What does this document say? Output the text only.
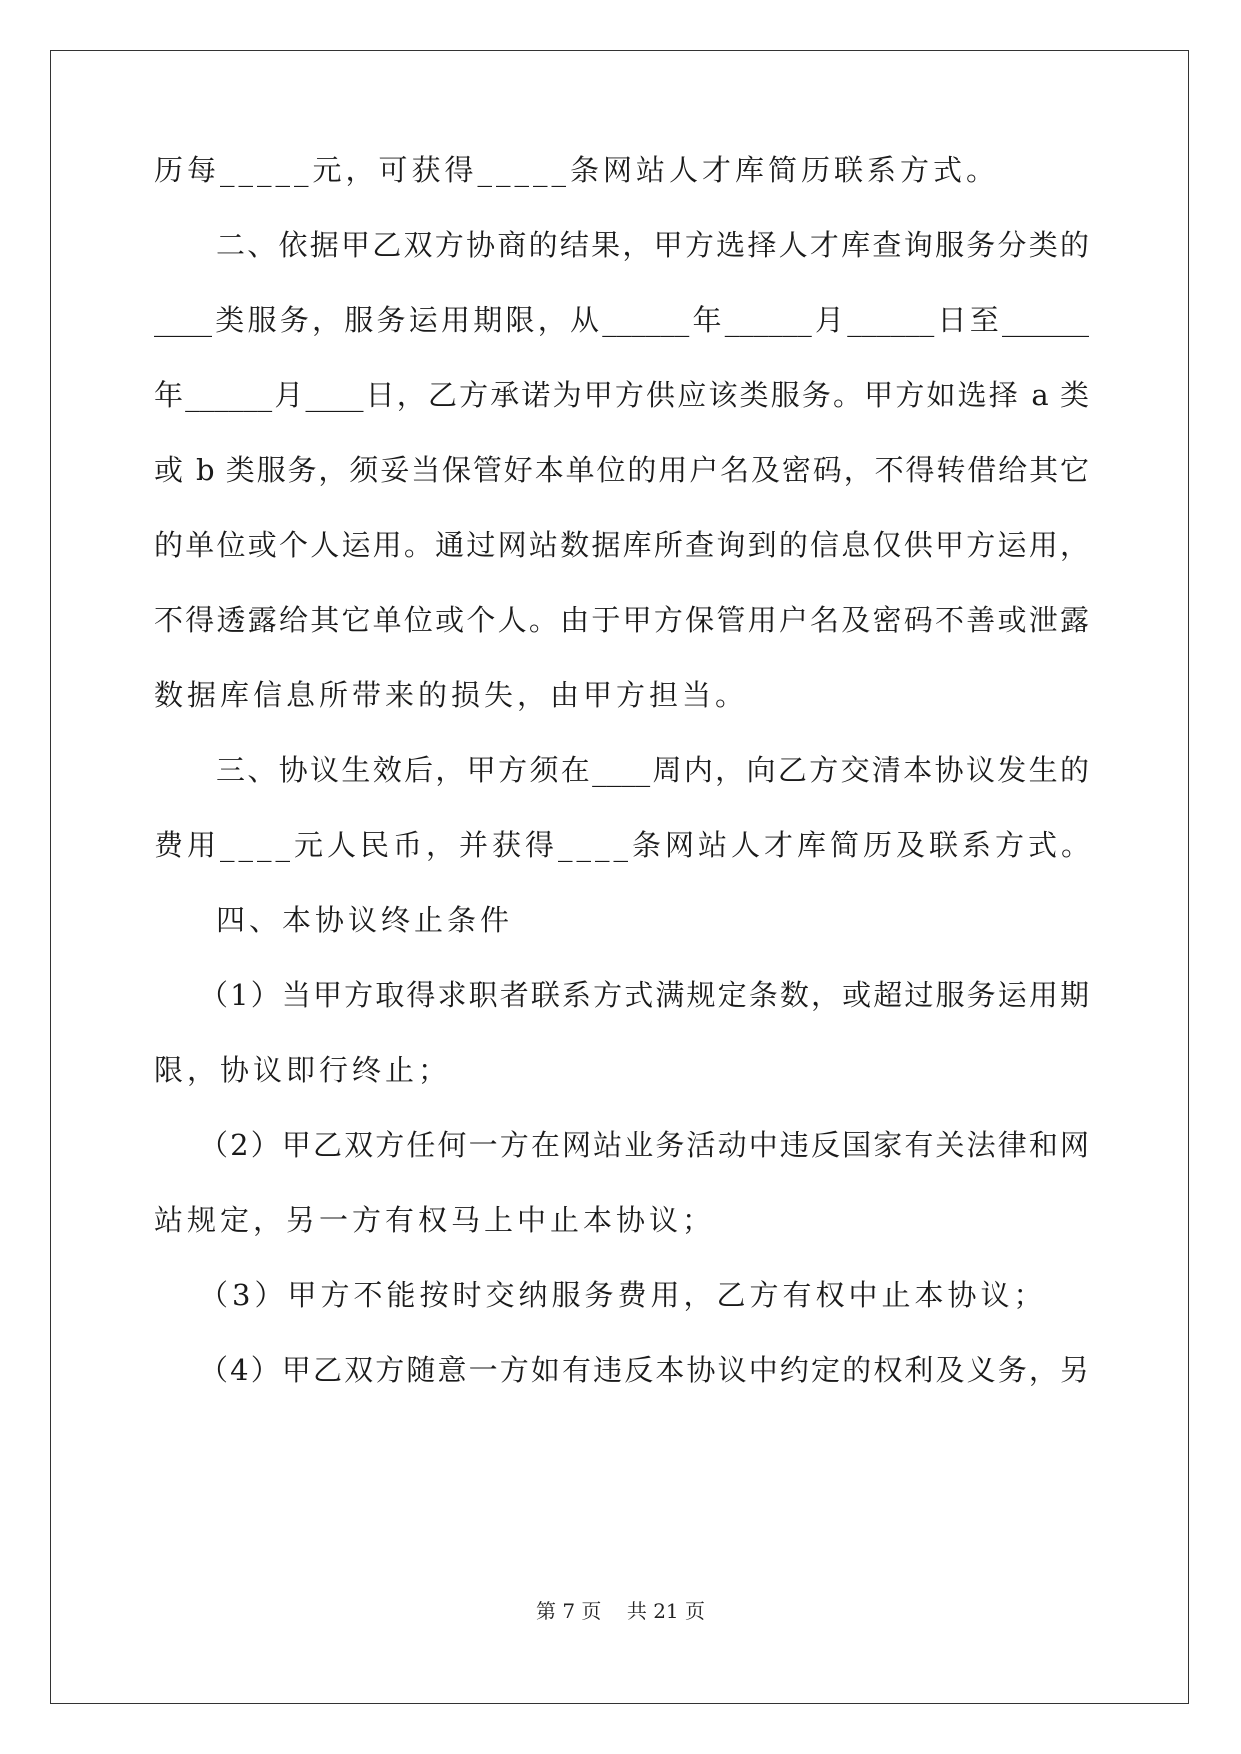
历每_____元，可获得_____条网站人才库简历联系方式。
二、依据甲乙双方协商的结果，甲方选择人才库查询服务分类的
____类服务，服务运用期限，从______年______月______日至______
年______月____日，乙方承诺为甲方供应该类服务。甲方如选择 a 类
或 b 类服务，须妥当保管好本单位的用户名及密码，不得转借给其它
的单位或个人运用。通过网站数据库所查询到的信息仅供甲方运用，
不得透露给其它单位或个人。由于甲方保管用户名及密码不善或泄露
数据库信息所带来的损失，由甲方担当。
三、协议生效后，甲方须在____周内，向乙方交清本协议发生的
费用____元人民币，并获得____条网站人才库简历及联系方式。
四、本协议终止条件
（1）当甲方取得求职者联系方式满规定条数，或超过服务运用期
限，协议即行终止；
（2）甲乙双方任何一方在网站业务活动中违反国家有关法律和网
站规定，另一方有权马上中止本协议；
（3）甲方不能按时交纳服务费用，乙方有权中止本协议；
（4）甲乙双方随意一方如有违反本协议中约定的权利及义务，另
第 7 页    共 21 页
